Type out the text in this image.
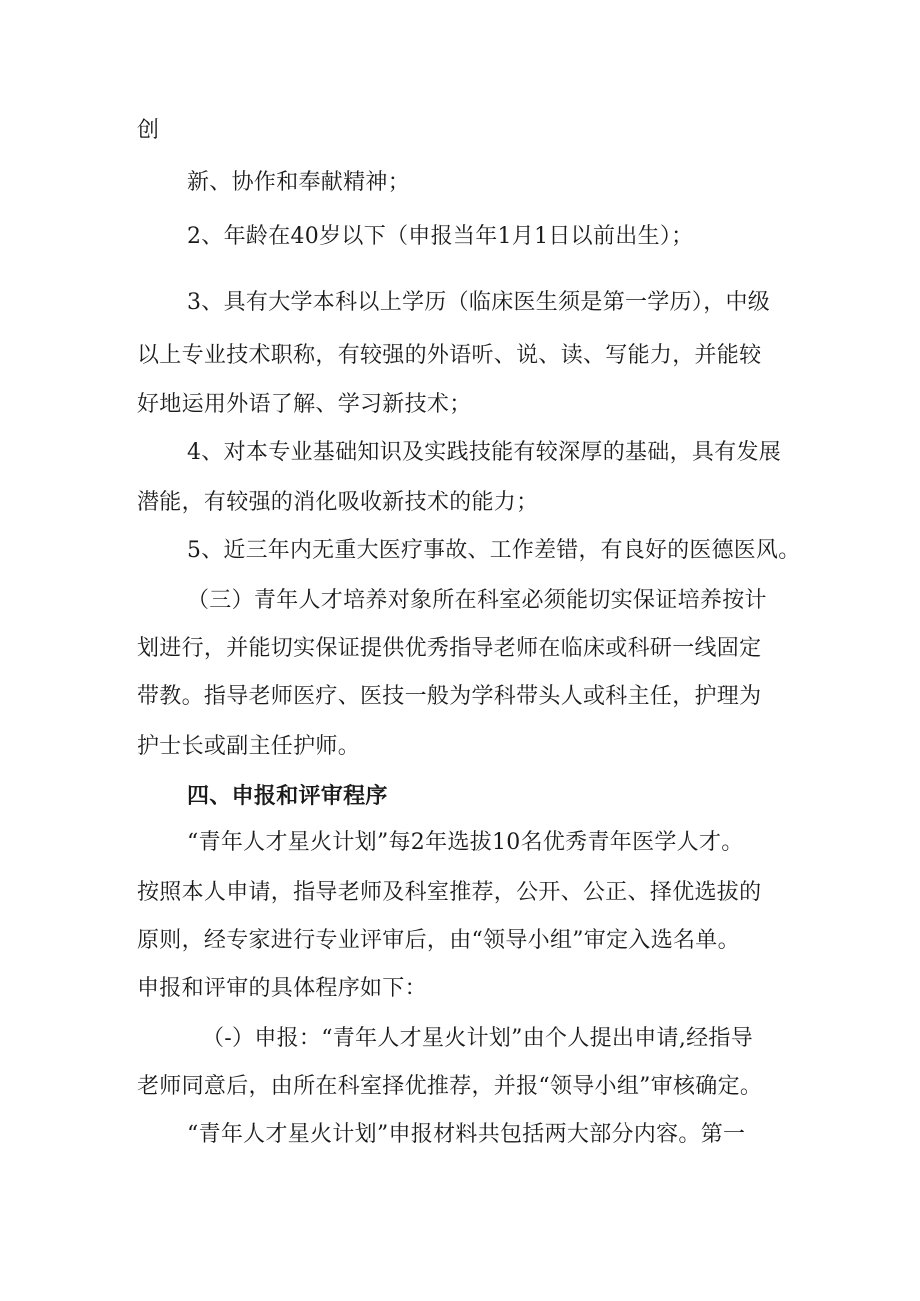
创
新、协作和奉献精神；
2、年龄在40岁以下（申报当年1月1日以前出生）；
3、具有大学本科以上学历（临床医生须是第一学历），中级
以上专业技术职称，有较强的外语听、说、读、写能力，并能较
好地运用外语了解、学习新技术；
4、对本专业基础知识及实践技能有较深厚的基础，具有发展
潜能，有较强的消化吸收新技术的能力；
5、近三年内无重大医疗事故、工作差错，有良好的医德医风。
（三）青年人才培养对象所在科室必须能切实保证培养按计
划进行，并能切实保证提供优秀指导老师在临床或科研一线固定
带教。指导老师医疗、医技一般为学科带头人或科主任，护理为
护士长或副主任护师。
四、申报和评审程序
“青年人才星火计划”每2年选拔10名优秀青年医学人才。
按照本人申请，指导老师及科室推荐，公开、公正、择优选拔的
原则，经专家进行专业评审后，由“领导小组”审定入选名单。
申报和评审的具体程序如下：
（-）申报：“青年人才星火计划”由个人提出申请,经指导
老师同意后，由所在科室择优推荐，并报“领导小组”审核确定。
“青年人才星火计划”申报材料共包括两大部分内容。第一
